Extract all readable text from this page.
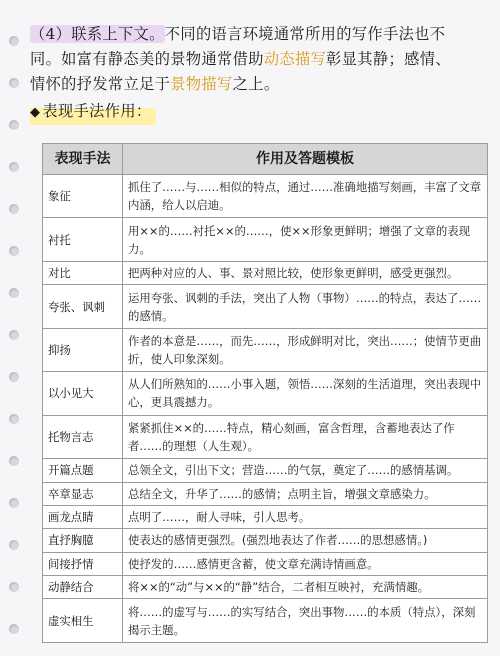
（4）联系上下文。不同的语言环境通常所用的写作手法也不
同。如富有静态美的景物通常借助动态描写彰显其静；感情、
情怀的抒发常立足于景物描写之上。
◆ 表现手法作用：
表现手法	作用及答题模板
象征	抓住了……与……相似的特点，通过……准确地描写刻画，丰富了文章内涵，给人以启迪。
衬托	用××的……衬托××的……，使××形象更鲜明；增强了文章的表现力。
对比	把两种对应的人、事、景对照比较，使形象更鲜明，感受更强烈。
夸张、讽刺	运用夸张、讽刺的手法，突出了人物（事物）……的特点，表达了……的感情。
抑扬	作者的本意是……，而先……，形成鲜明对比，突出……；使情节更曲折，使人印象深刻。
以小见大	从人们所熟知的……小事入题，领悟……深刻的生活道理，突出表现中心，更具震撼力。
托物言志	紧紧抓住××的……特点，精心刻画，富含哲理，含蓄地表达了作者……的理想（人生观）。
开篇点题	总领全文，引出下文；营造……的气氛，奠定了……的感情基调。
卒章显志	总结全文，升华了……的感情；点明主旨，增强文章感染力。
画龙点睛	点明了……，耐人寻味，引人思考。
直抒胸臆	使表达的感情更强烈。(强烈地表达了作者……的思想感情。)
间接抒情	使抒发的……感情更含蓄，使文章充满诗情画意。
动静结合	将××的“动”与××的“静”结合，二者相互映衬，充满情趣。
虚实相生	将……的虚写与……的实写结合，突出事物……的本质（特点），深刻揭示主题。
